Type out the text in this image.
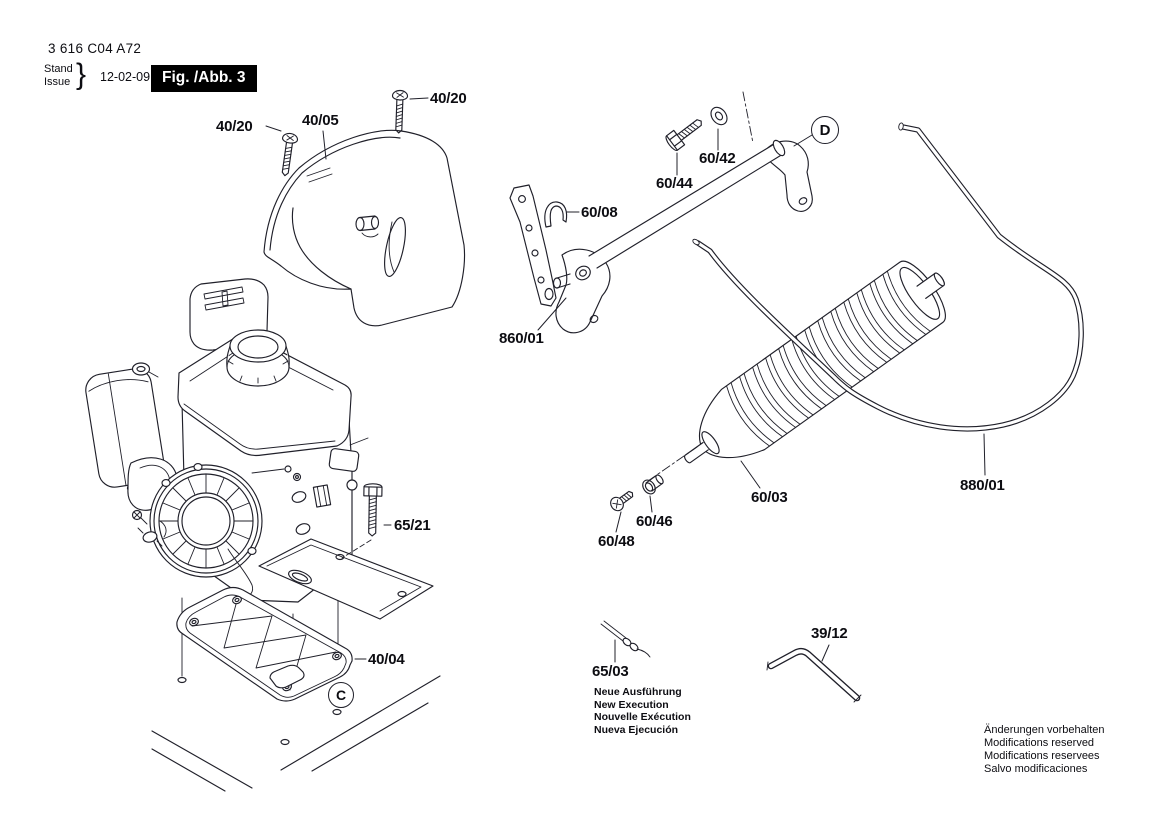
3 616 C04 A72
Stand
Issue } 12-02-09 Fig. /Abb. 3
40/20	40/05
40/20
60/44
60/42
60/08
860/01
60/03
880/01
65/21	60/46
60/48
40/04
65/03
39/12
D
C	Neue Ausführung
New Execution
Nouvelle Exécution
Nueva Ejecución	Änderungen vorbehalten
Modifications reserved
Modifications reservees
Salvo modificaciones
